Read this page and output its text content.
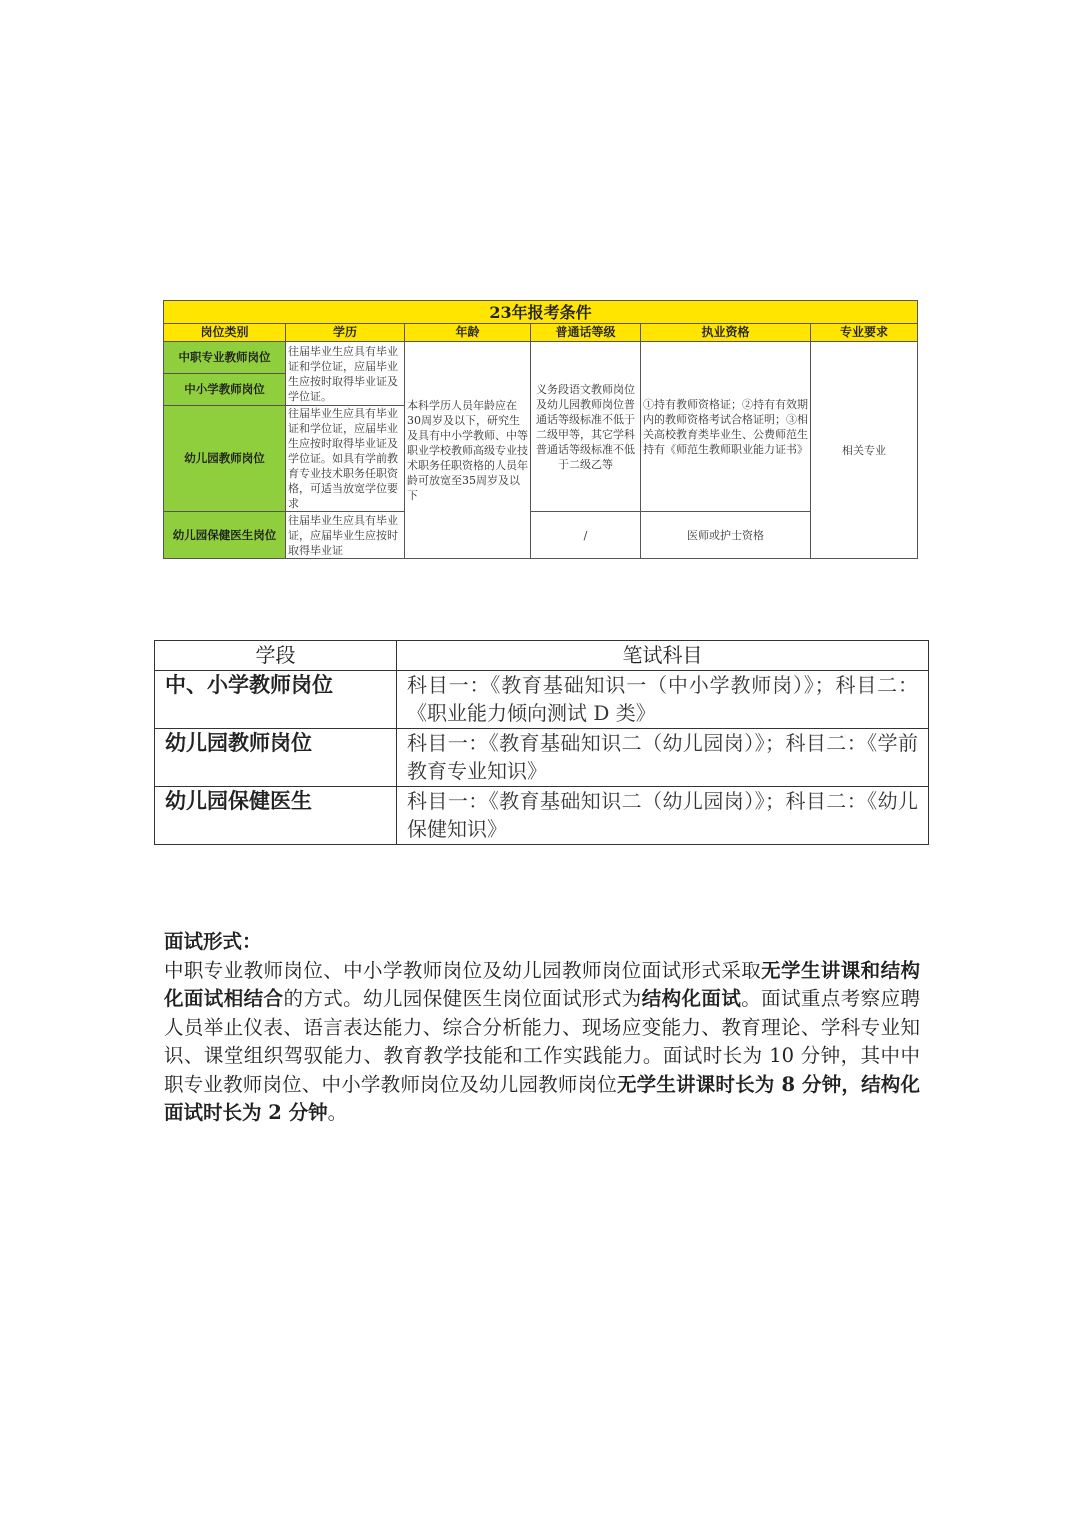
23年报考条件					
岗位类别	学历	年龄	普通话等级	执业资格	专业要求
中职专业教师岗位	往届毕业生应具有毕业证和学位证，应届毕业生应按时取得毕业证及学位证。	本科学历人员年龄应在30周岁及以下，研究生及具有中小学教师、中等职业学校教师高级专业技术职务任职资格的人员年龄可放宽至35周岁及以下	义务段语文教师岗位及幼儿园教师岗位普通话等级标准不低于二级甲等，其它学科普通话等级标准不低于二级乙等	①持有教师资格证；②持有有效期内的教师资格考试合格证明；③相关高校教育类毕业生、公费师范生持有《师范生教师职业能力证书》	相关专业
中小学教师岗位					
幼儿园教师岗位	往届毕业生应具有毕业证和学位证，应届毕业生应按时取得毕业证及学位证。如具有学前教育专业技术职务任职资格，可适当放宽学位要求				
幼儿园保健医生岗位	往届毕业生应具有毕业证，应届毕业生应按时取得毕业证		/	医师或护士资格	
学段	笔试科目
中、小学教师岗位	科目一：《教育基础知识一（中小学教师岗）》；科目二：《职业能力倾向测试 D 类》
幼儿园教师岗位	科目一：《教育基础知识二（幼儿园岗）》；科目二：《学前教育专业知识》
幼儿园保健医生	科目一：《教育基础知识二（幼儿园岗）》；科目二：《幼儿保健知识》

面试形式：

中职专业教师岗位、中小学教师岗位及幼儿园教师岗位面试形式采取无学生讲课和结构化面试相结合的方式。幼儿园保健医生岗位面试形式为结构化面试。面试重点考察应聘人员举止仪表、语言表达能力、综合分析能力、现场应变能力、教育理论、学科专业知识、课堂组织驾驭能力、教育教学技能和工作实践能力。面试时长为 10 分钟，其中中职专业教师岗位、中小学教师岗位及幼儿园教师岗位无学生讲课时长为 8 分钟，结构化面试时长为 2 分钟。
